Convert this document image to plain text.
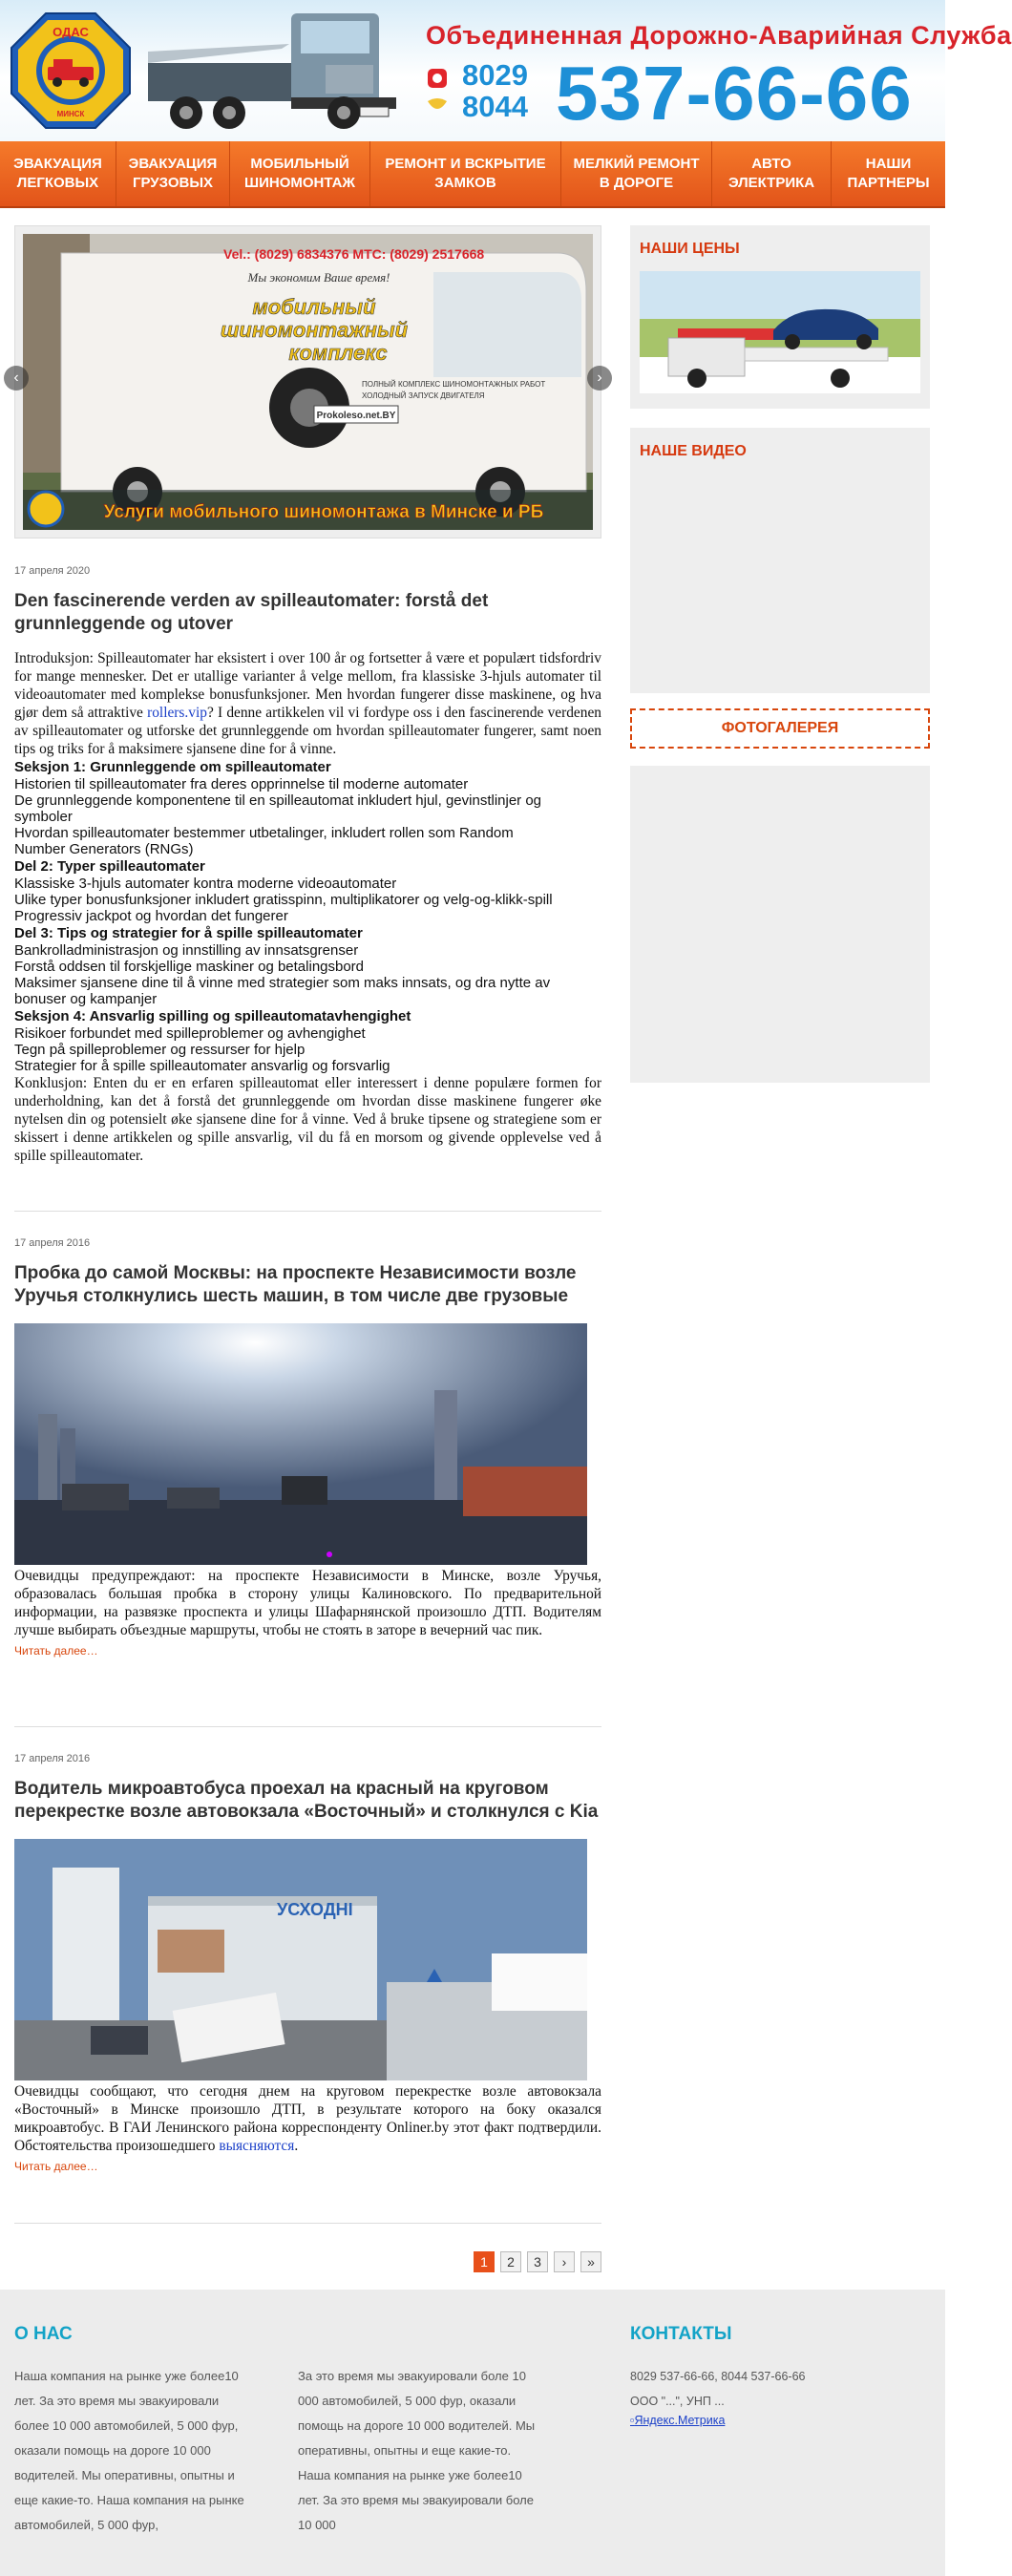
ОДАС
МИНСК
Объединенная Дорожно-Аварийная Служба
8029
8044 537-66-66
ЭВАКУАЦИЯ ЛЕГКОВЫХ
ЭВАКУАЦИЯ ГРУЗОВЫХ
МОБИЛЬНЫЙ ШИНОМОНТАЖ
РЕМОНТ И ВСКРЫТИЕ ЗАМКОВ
МЕЛКИЙ РЕМОНТ В ДОРОГЕ
АВТО ЭЛЕКТРИКА
НАШИ ПАРТНЕРЫ
Vel.: (8029) 6834376 МТС: (8029) 2517668
Мы экономим Ваше время!
мобильный
шиномонтажный
комплекс
ПОЛНЫЙ КОМПЛЕКС ШИНОМОНТАЖНЫХ РАБОТ
ХОЛОДНЫЙ ЗАПУСК ДВИГАТЕЛЯ
Prokoleso.net.BY
Услуги мобильного шиномонтажа в Минске и РБ
‹	›
17 апреля 2020
Den fascinerende verden av spilleautomater: forstå det grunnleggende og utover

Introduksjon: Spilleautomater har eksistert i over 100 år og fortsetter å være et populært tidsfordriv for mange mennesker. Det er utallige varianter å velge mellom, fra klassiske 3-hjuls automater til videoautomater med komplekse bonusfunksjoner. Men hvordan fungerer disse maskinene, og hva gjør dem så attraktive rollers.vip? I denne artikkelen vil vi fordype oss i den fascinerende verdenen av spilleautomater og utforske det grunnleggende om hvordan spilleautomater fungerer, samt noen tips og triks for å maksimere sjansene dine for å vinne.

Seksjon 1: Grunnleggende om spilleautomater
Historien til spilleautomater fra deres opprinnelse til moderne automater
De grunnleggende komponentene til en spilleautomat inkludert hjul, gevinstlinjer og symboler
Hvordan spilleautomater bestemmer utbetalinger, inkludert rollen som Random Number Generators (RNGs)
Del 2: Typer spilleautomater
Klassiske 3-hjuls automater kontra moderne videoautomater
Ulike typer bonusfunksjoner inkludert gratisspinn, multiplikatorer og velg-og-klikk-spill
Progressiv jackpot og hvordan det fungerer
Del 3: Tips og strategier for å spille spilleautomater
Bankrolladministrasjon og innstilling av innsatsgrenser
Forstå oddsen til forskjellige maskiner og betalingsbord
Maksimer sjansene dine til å vinne med strategier som maks innsats, og dra nytte av bonuser og kampanjer
Seksjon 4: Ansvarlig spilling og spilleautomatavhengighet
Risikoer forbundet med spilleproblemer og avhengighet
Tegn på spilleproblemer og ressurser for hjelp
Strategier for å spille spilleautomater ansvarlig og forsvarlig

Konklusjon: Enten du er en erfaren spilleautomat eller interessert i denne populære formen for underholdning, kan det å forstå det grunnleggende om hvordan disse maskinene fungerer øke nytelsen din og potensielt øke sjansene dine for å vinne. Ved å bruke tipsene og strategiene som er skissert i denne artikkelen og spille ansvarlig, vil du få en morsom og givende opplevelse ved å spille spilleautomater.

17 апреля 2016
Пробка до самой Москвы: на проспекте Независимости возле Уручья столкнулись шесть машин, в том числе две грузовые
Очевидцы предупреждают: на проспекте Независимости в Минске, возле Уручья, образовалась большая пробка в сторону улицы Калиновского. По предварительной информации, на развязке проспекта и улицы Шафарнянской произошло ДТП. Водителям лучше выбирать объездные маршруты, чтобы не стоять в заторе в вечерний час пик.
Читать далее…
17 апреля 2016
Водитель микроавтобуса проехал на красный на круговом перекрестке возле автовокзала «Восточный» и столкнулся с Kia
УСХОДНІ
Очевидцы сообщают, что сегодня днем на круговом перекрестке возле автовокзала «Восточный» в Минске произошло ДТП, в результате которого на боку оказался микроавтобус. В ГАИ Ленинского района корреспонденту Onliner.by этот факт подтвердили. Обстоятельства произошедшего выясняются.
Читать далее…
1	2	3	›	»
НАШИ ЦЕНЫ
НАШЕ ВИДЕО
ФОТОГАЛЕРЕЯ
О НАС
Наша компания на рынке уже более10 лет. За это время мы эвакуировали более 10 000 автомобилей, 5 000 фур, оказали помощь на дороге 10 000 водителей. Мы оперативны, опытны и еще какие-то. Наша компания на рынке автомобилей, 5 000 фур,
За это время мы эвакуировали боле 10 000 автомобилей, 5 000 фур, оказали помощь на дороге 10 000 водителей. Мы оперативны, опытны и еще какие-то. Наша компания на рынке уже более10 лет. За это время мы эвакуировали боле 10 000
КОНТАКТЫ
8029 537-66-66, 8044 537-66-66
ООО "...", УНП ...
▫Яндекс.Метрика
